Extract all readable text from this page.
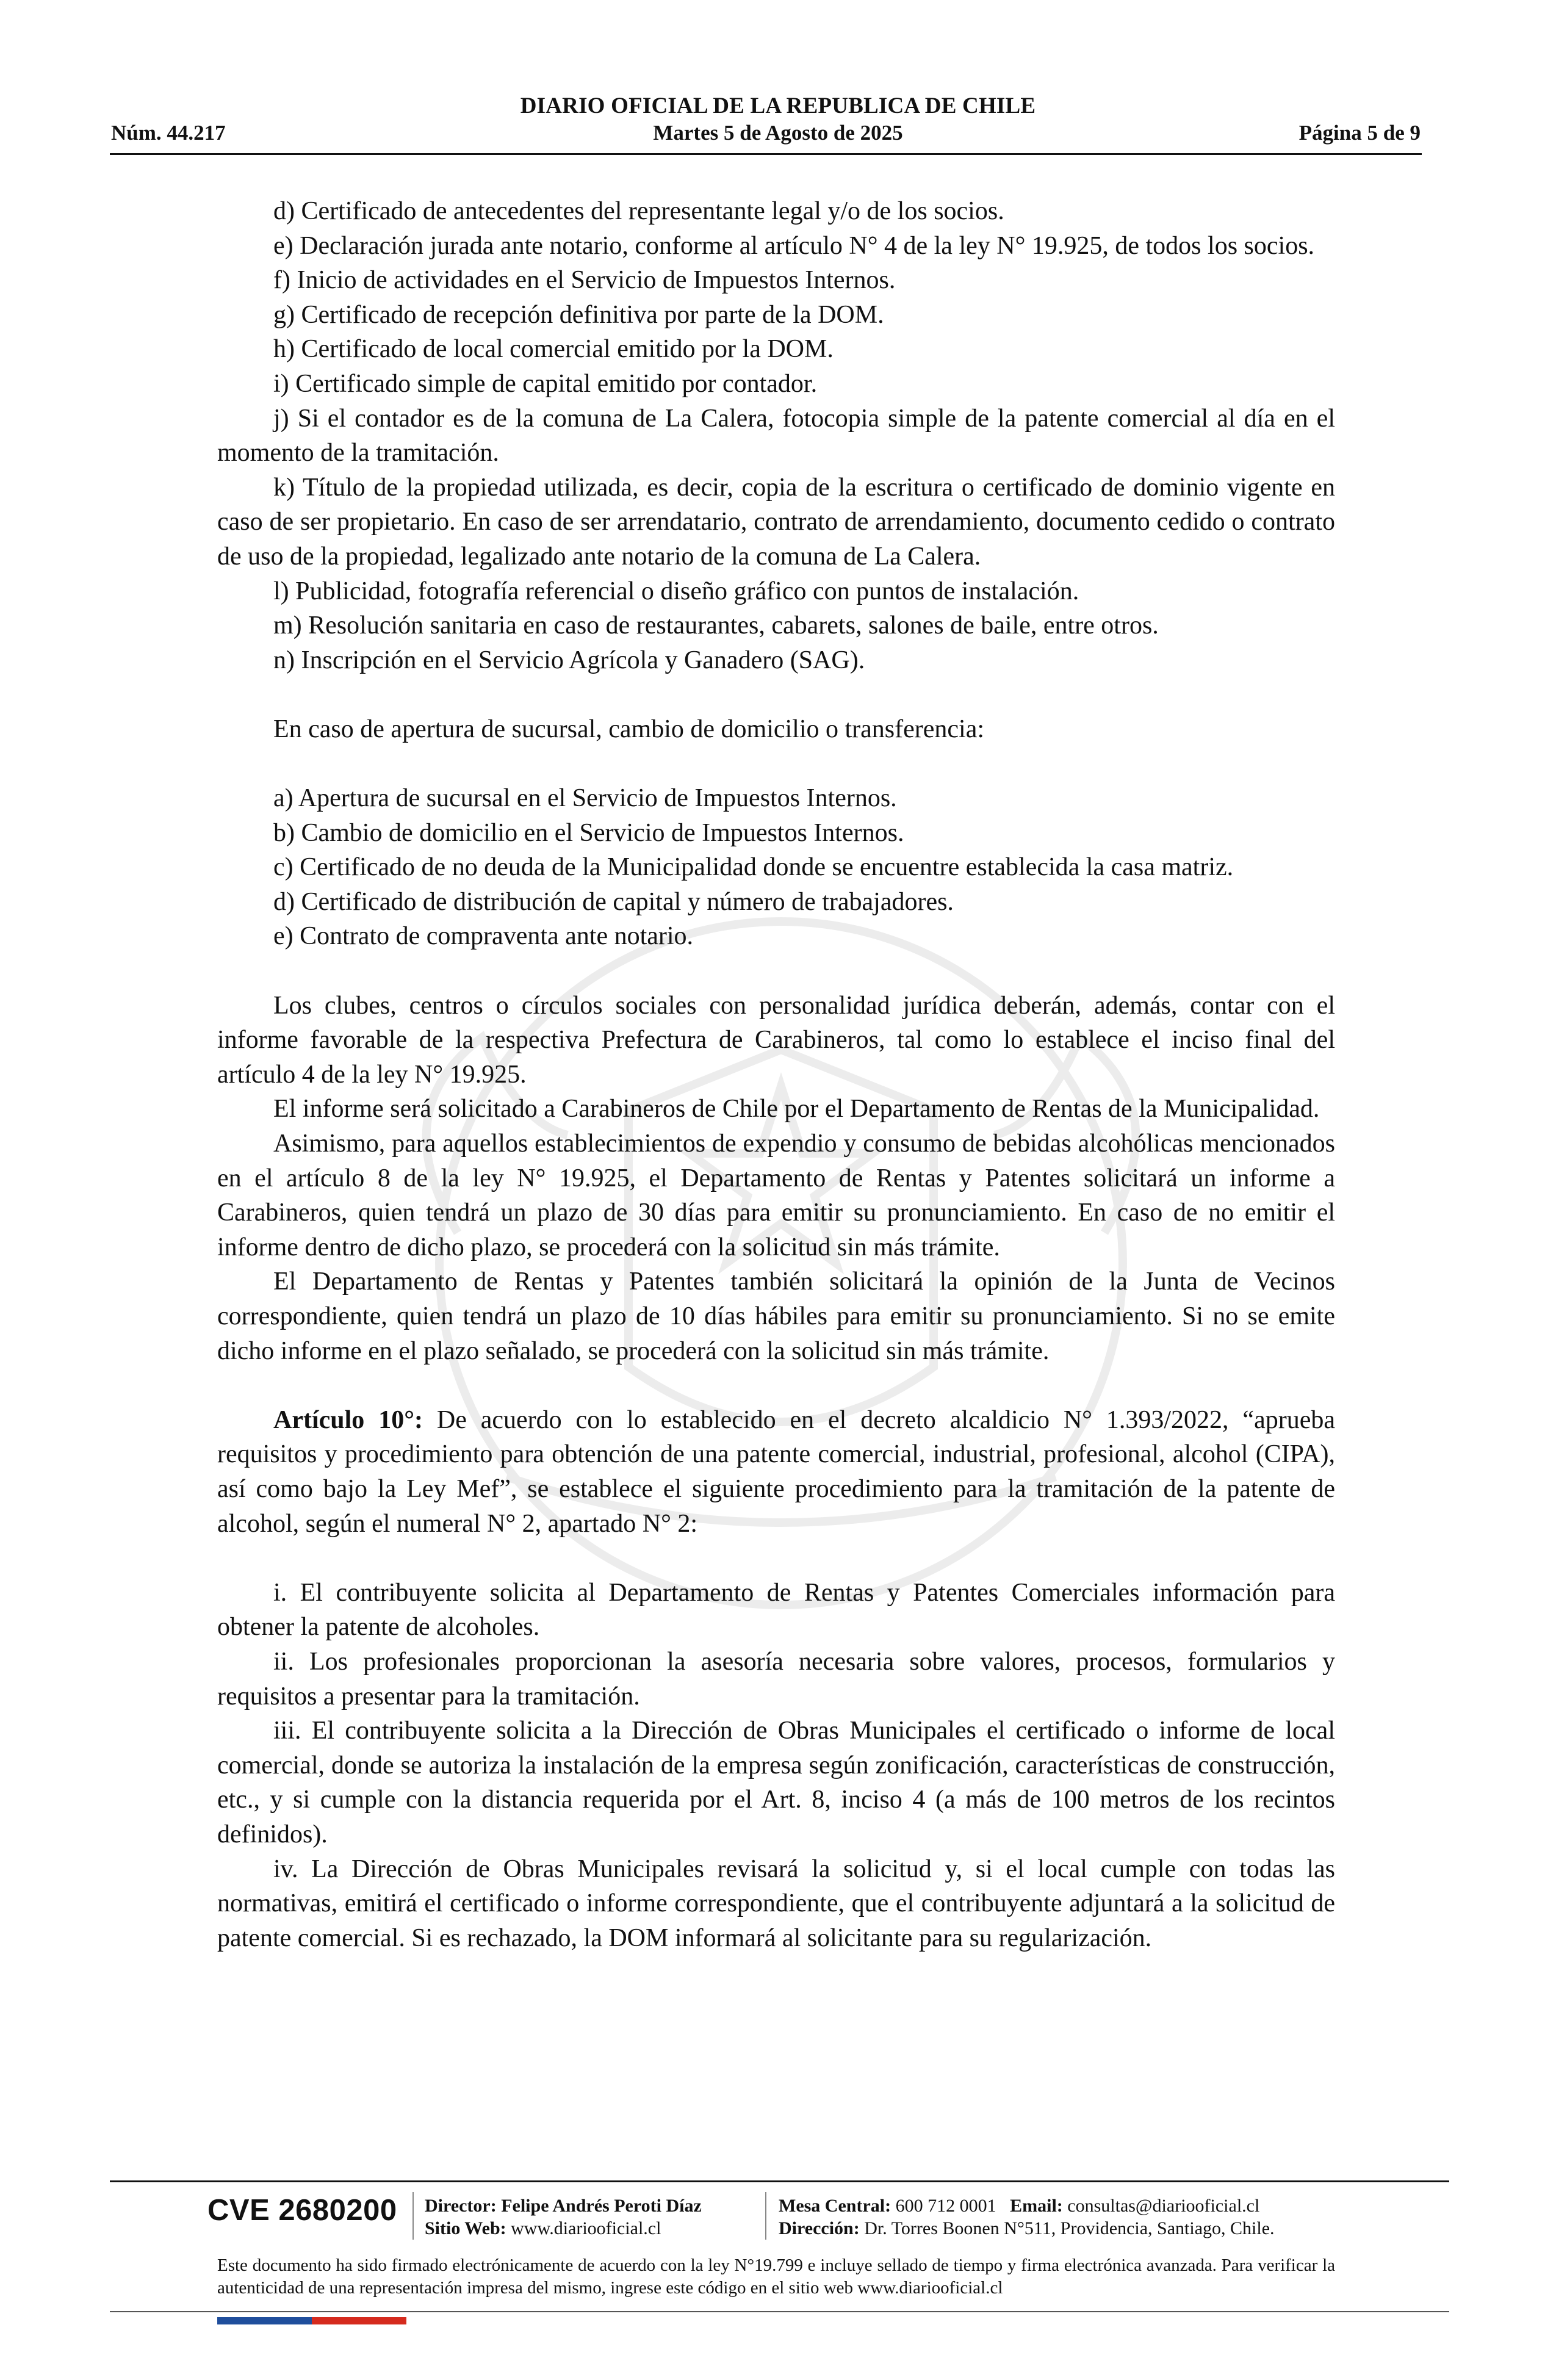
DIARIO OFICIAL DE LA REPUBLICA DE CHILE
Núm. 44.217	Martes 5 de Agosto de 2025	Página 5 de 9

d) Certificado de antecedentes del representante legal y/o de los socios.

e) Declaración jurada ante notario, conforme al artículo N° 4 de la ley N° 19.925, de todos los socios.

f) Inicio de actividades en el Servicio de Impuestos Internos.

g) Certificado de recepción definitiva por parte de la DOM.

h) Certificado de local comercial emitido por la DOM.

i) Certificado simple de capital emitido por contador.

j) Si el contador es de la comuna de La Calera, fotocopia simple de la patente comercial al día en el momento de la tramitación.

k) Título de la propiedad utilizada, es decir, copia de la escritura o certificado de dominio vigente en caso de ser propietario. En caso de ser arrendatario, contrato de arrendamiento, documento cedido o contrato de uso de la propiedad, legalizado ante notario de la comuna de La Calera.

l) Publicidad, fotografía referencial o diseño gráfico con puntos de instalación.

m) Resolución sanitaria en caso de restaurantes, cabarets, salones de baile, entre otros.

n) Inscripción en el Servicio Agrícola y Ganadero (SAG).

En caso de apertura de sucursal, cambio de domicilio o transferencia:

a) Apertura de sucursal en el Servicio de Impuestos Internos.

b) Cambio de domicilio en el Servicio de Impuestos Internos.

c) Certificado de no deuda de la Municipalidad donde se encuentre establecida la casa matriz.

d) Certificado de distribución de capital y número de trabajadores.

e) Contrato de compraventa ante notario.

Los clubes, centros o círculos sociales con personalidad jurídica deberán, además, contar con el informe favorable de la respectiva Prefectura de Carabineros, tal como lo establece el inciso final del artículo 4 de la ley N° 19.925.

El informe será solicitado a Carabineros de Chile por el Departamento de Rentas de la Municipalidad.

Asimismo, para aquellos establecimientos de expendio y consumo de bebidas alcohólicas mencionados en el artículo 8 de la ley N° 19.925, el Departamento de Rentas y Patentes solicitará un informe a Carabineros, quien tendrá un plazo de 30 días para emitir su pronunciamiento. En caso de no emitir el informe dentro de dicho plazo, se procederá con la solicitud sin más trámite.

El Departamento de Rentas y Patentes también solicitará la opinión de la Junta de Vecinos correspondiente, quien tendrá un plazo de 10 días hábiles para emitir su pronunciamiento. Si no se emite dicho informe en el plazo señalado, se procederá con la solicitud sin más trámite.

Artículo 10°: De acuerdo con lo establecido en el decreto alcaldicio N° 1.393/2022, “aprueba requisitos y procedimiento para obtención de una patente comercial, industrial, profesional, alcohol (CIPA), así como bajo la Ley Mef”, se establece el siguiente procedimiento para la tramitación de la patente de alcohol, según el numeral N° 2, apartado N° 2:

i. El contribuyente solicita al Departamento de Rentas y Patentes Comerciales información para obtener la patente de alcoholes.

ii. Los profesionales proporcionan la asesoría necesaria sobre valores, procesos, formularios y requisitos a presentar para la tramitación.

iii. El contribuyente solicita a la Dirección de Obras Municipales el certificado o informe de local comercial, donde se autoriza la instalación de la empresa según zonificación, características de construcción, etc., y si cumple con la distancia requerida por el Art. 8, inciso 4 (a más de 100 metros de los recintos definidos).

iv. La Dirección de Obras Municipales revisará la solicitud y, si el local cumple con todas las normativas, emitirá el certificado o informe correspondiente, que el contribuyente adjuntará a la solicitud de patente comercial. Si es rechazado, la DOM informará al solicitante para su regularización.

CVE 2680200 Director: Felipe Andrés Peroti Díaz
Sitio Web: www.diariooficial.cl
Mesa Central: 600 712 0001 Email: consultas@diariooficial.cl
Dirección: Dr. Torres Boonen N°511, Providencia, Santiago, Chile.
Este documento ha sido firmado electrónicamente de acuerdo con la ley N°19.799 e incluye sellado de tiempo y firma electrónica avanzada. Para verificar la autenticidad de una representación impresa del mismo, ingrese este código en el sitio web www.diariooficial.cl
